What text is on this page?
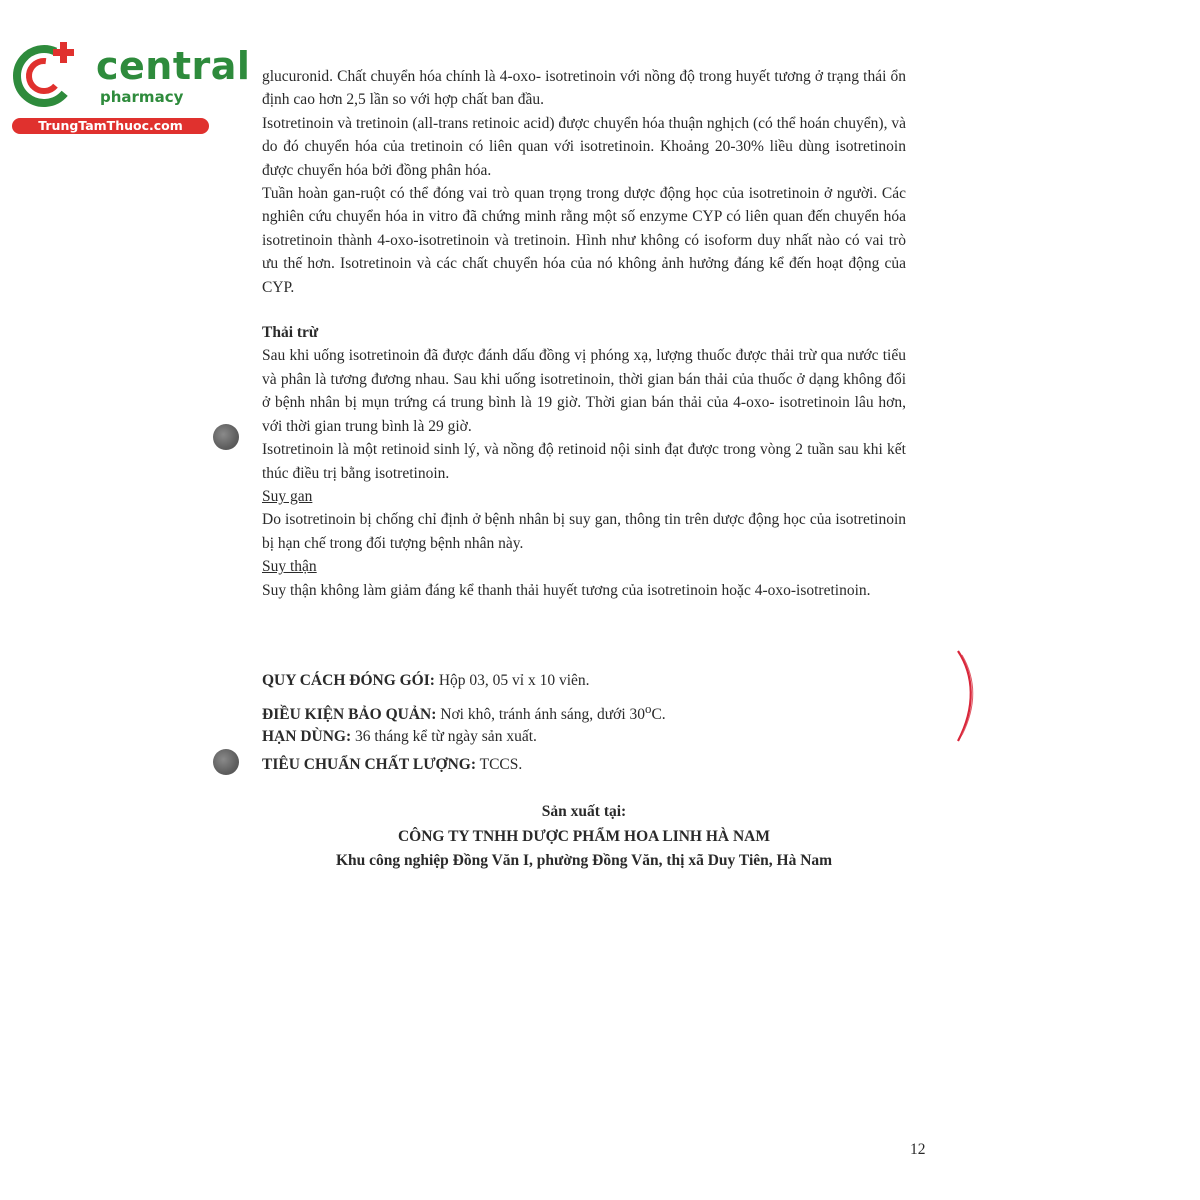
central
pharmacy
TrungTamThuoc.com

glucuronid. Chất chuyển hóa chính là 4-oxo- isotretinoin với nồng độ trong huyết tương ở trạng thái ổn định cao hơn 2,5 lần so với hợp chất ban đầu.

Isotretinoin và tretinoin (all-trans retinoic acid) được chuyển hóa thuận nghịch (có thể hoán chuyển), và do đó chuyển hóa của tretinoin có liên quan với isotretinoin. Khoảng 20-30% liều dùng isotretinoin được chuyển hóa bởi đồng phân hóa.

Tuần hoàn gan-ruột có thể đóng vai trò quan trọng trong dược động học của isotretinoin ở người. Các nghiên cứu chuyển hóa in vitro đã chứng minh rằng một số enzyme CYP có liên quan đến chuyển hóa isotretinoin thành 4-oxo-isotretinoin và tretinoin. Hình như không có isoform duy nhất nào có vai trò ưu thế hơn. Isotretinoin và các chất chuyển hóa của nó không ảnh hưởng đáng kể đến hoạt động của CYP.

Thải trừ

Sau khi uống isotretinoin đã được đánh dấu đồng vị phóng xạ, lượng thuốc được thải trừ qua nước tiểu và phân là tương đương nhau. Sau khi uống isotretinoin, thời gian bán thải của thuốc ở dạng không đổi ở bệnh nhân bị mụn trứng cá trung bình là 19 giờ. Thời gian bán thải của 4-oxo- isotretinoin lâu hơn, với thời gian trung bình là 29 giờ.

Isotretinoin là một retinoid sinh lý, và nồng độ retinoid nội sinh đạt được trong vòng 2 tuần sau khi kết thúc điều trị bằng isotretinoin.

Suy gan

Do isotretinoin bị chống chỉ định ở bệnh nhân bị suy gan, thông tin trên dược động học của isotretinoin bị hạn chế trong đối tượng bệnh nhân này.

Suy thận

Suy thận không làm giảm đáng kể thanh thải huyết tương của isotretinoin hoặc 4-oxo-isotretinoin.

QUY CÁCH ĐÓNG GÓI: Hộp 03, 05 vỉ x 10 viên.
ĐIỀU KIỆN BẢO QUẢN: Nơi khô, tránh ánh sáng, dưới 30$^o$C.
HẠN DÙNG: 36 tháng kể từ ngày sản xuất.
TIÊU CHUẨN CHẤT LƯỢNG: TCCS.
Sản xuất tại:
CÔNG TY TNHH DƯỢC PHẨM HOA LINH HÀ NAM
Khu công nghiệp Đồng Văn I, phường Đồng Văn, thị xã Duy Tiên, Hà Nam
12
